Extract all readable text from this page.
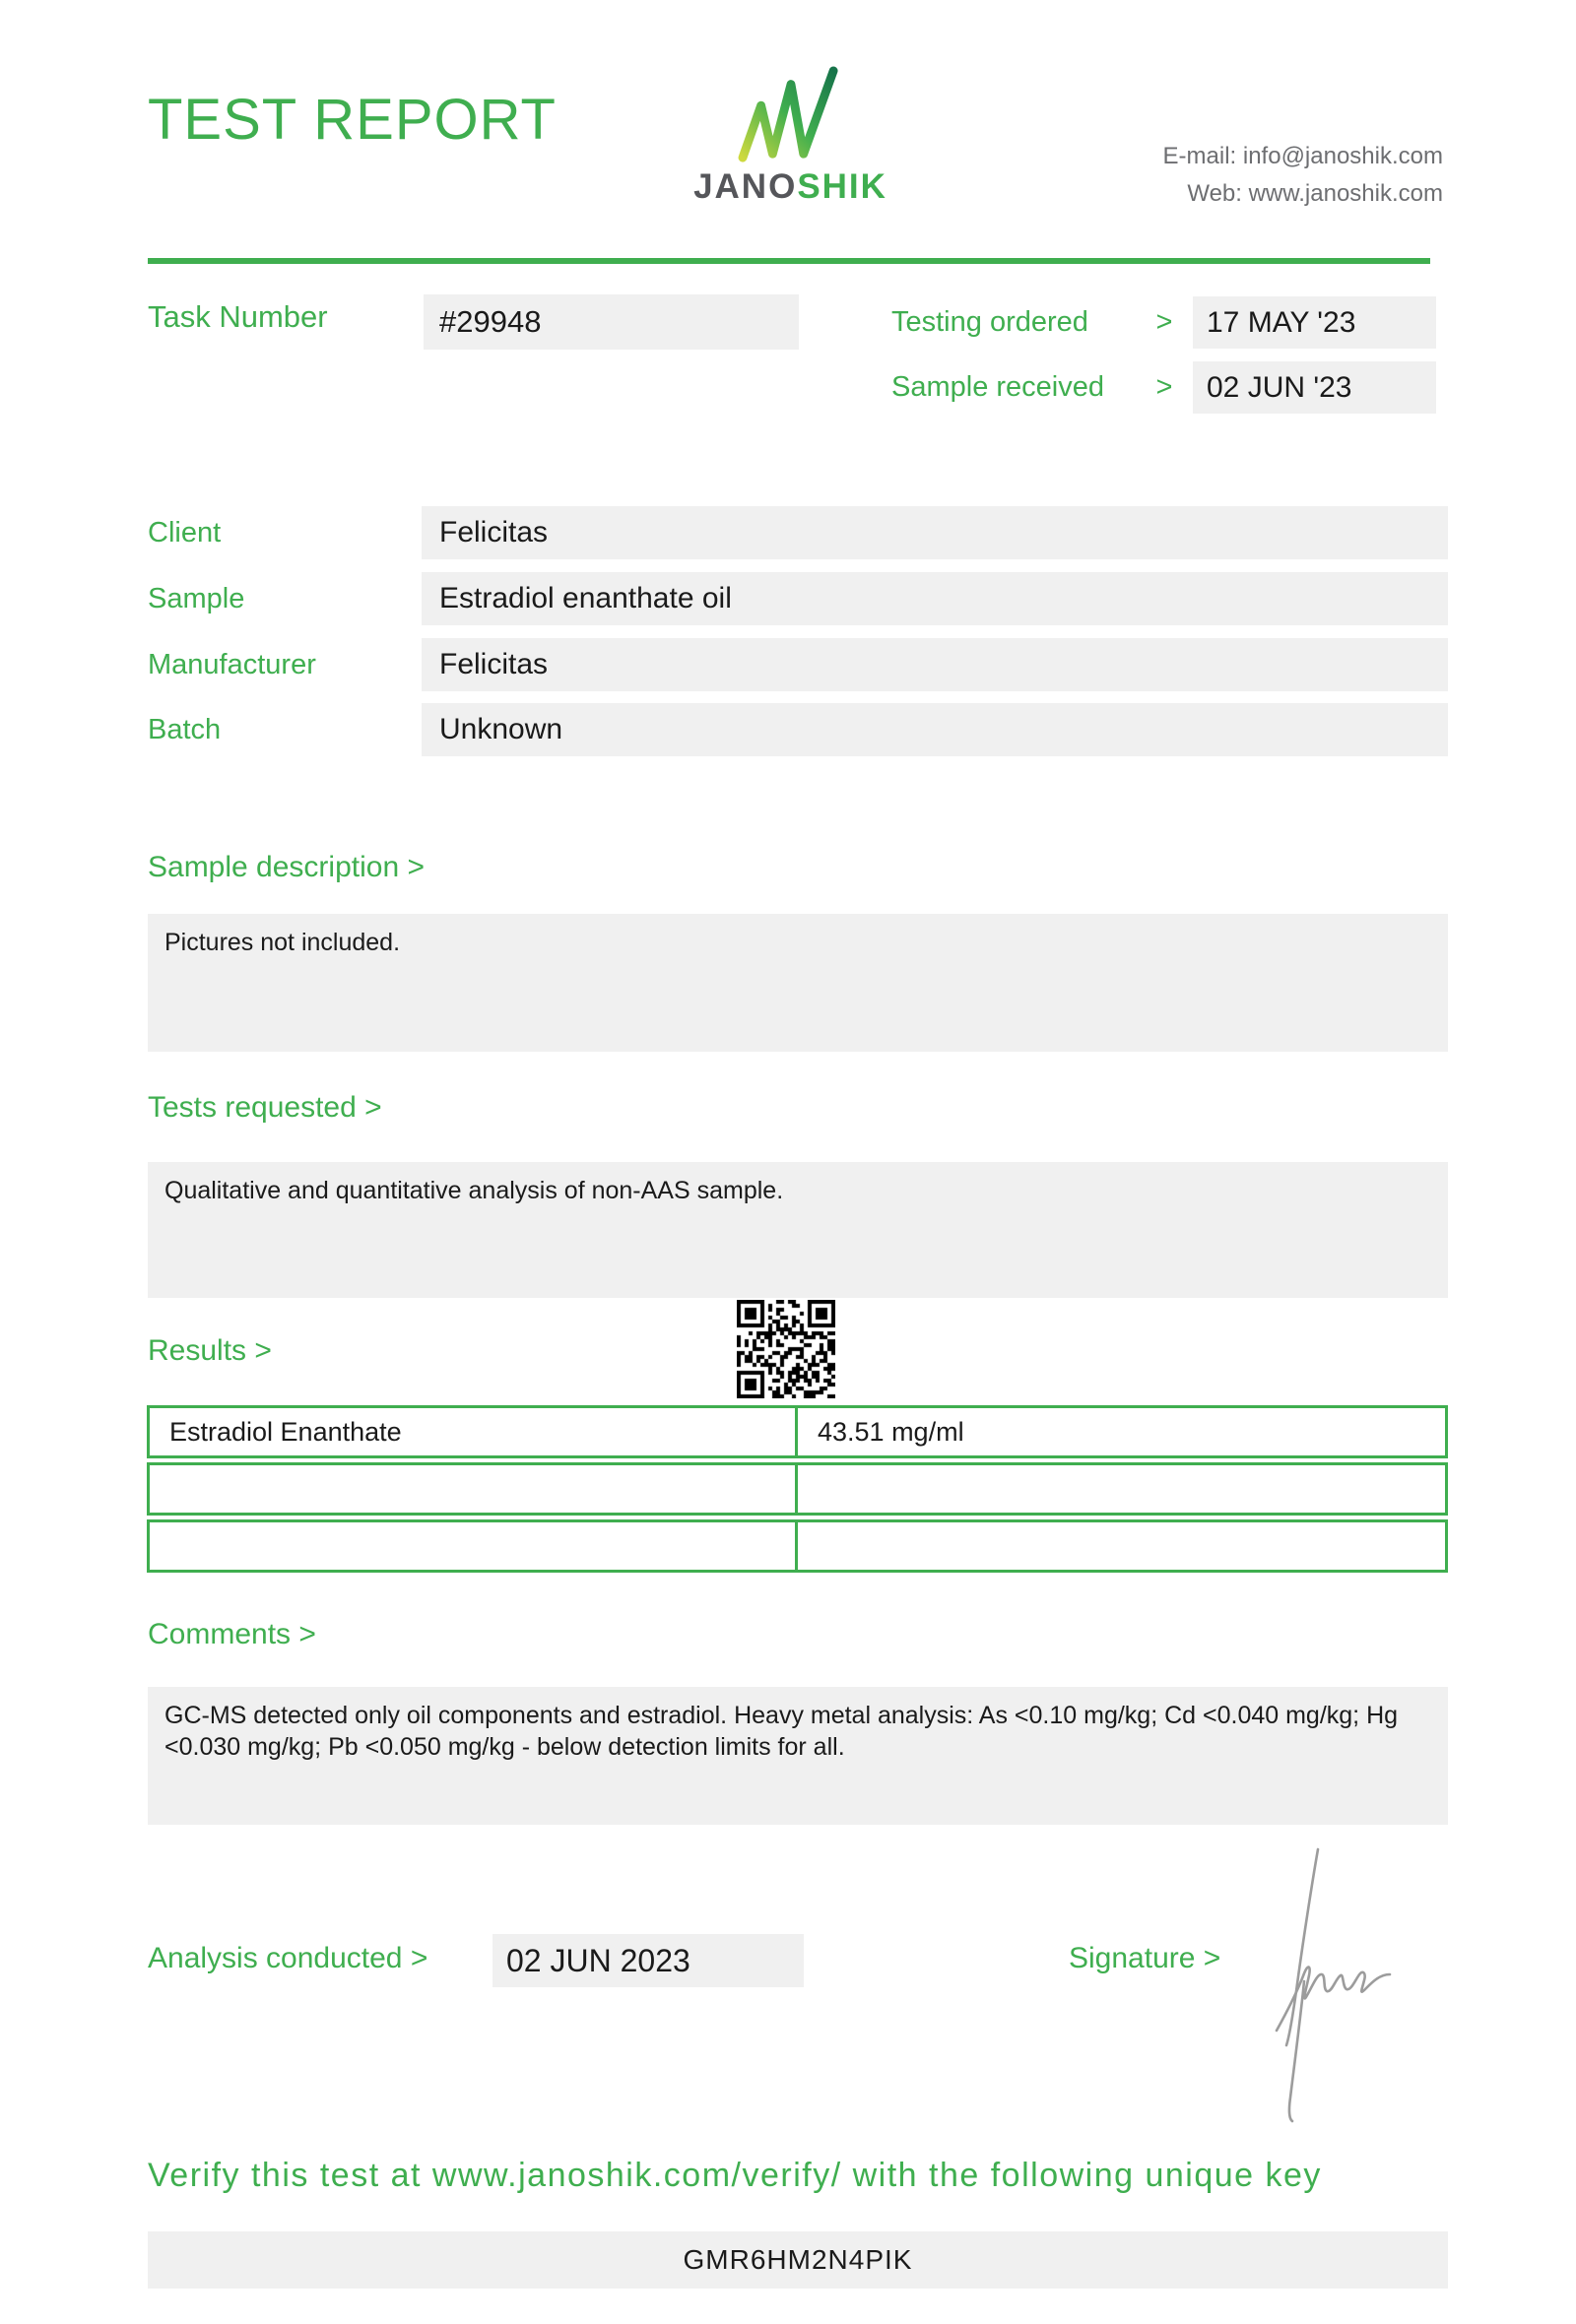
TEST REPORT
JANOSHIK
E-mail: info@janoshik.com
Web: www.janoshik.com
Task Number	#29948	Testing ordered	>	17 MAY '23
Sample received	>	02 JUN '23
Client	Felicitas
Sample	Estradiol enanthate oil
Manufacturer	Felicitas
Batch	Unknown
Sample description >
Pictures not included.
Tests requested >
Qualitative and quantitative analysis of non-AAS sample.
Results >
Estradiol Enanthate	43.51 mg/ml
Comments >
GC-MS detected only oil components and estradiol. Heavy metal analysis: As <0.10 mg/kg; Cd <0.040 mg/kg; Hg <0.030 mg/kg; Pb <0.050 mg/kg - below detection limits for all.
Analysis conducted >	02 JUN 2023	Signature >
Verify this test at www.janoshik.com/verify/ with the following unique key
GMR6HM2N4PIK
